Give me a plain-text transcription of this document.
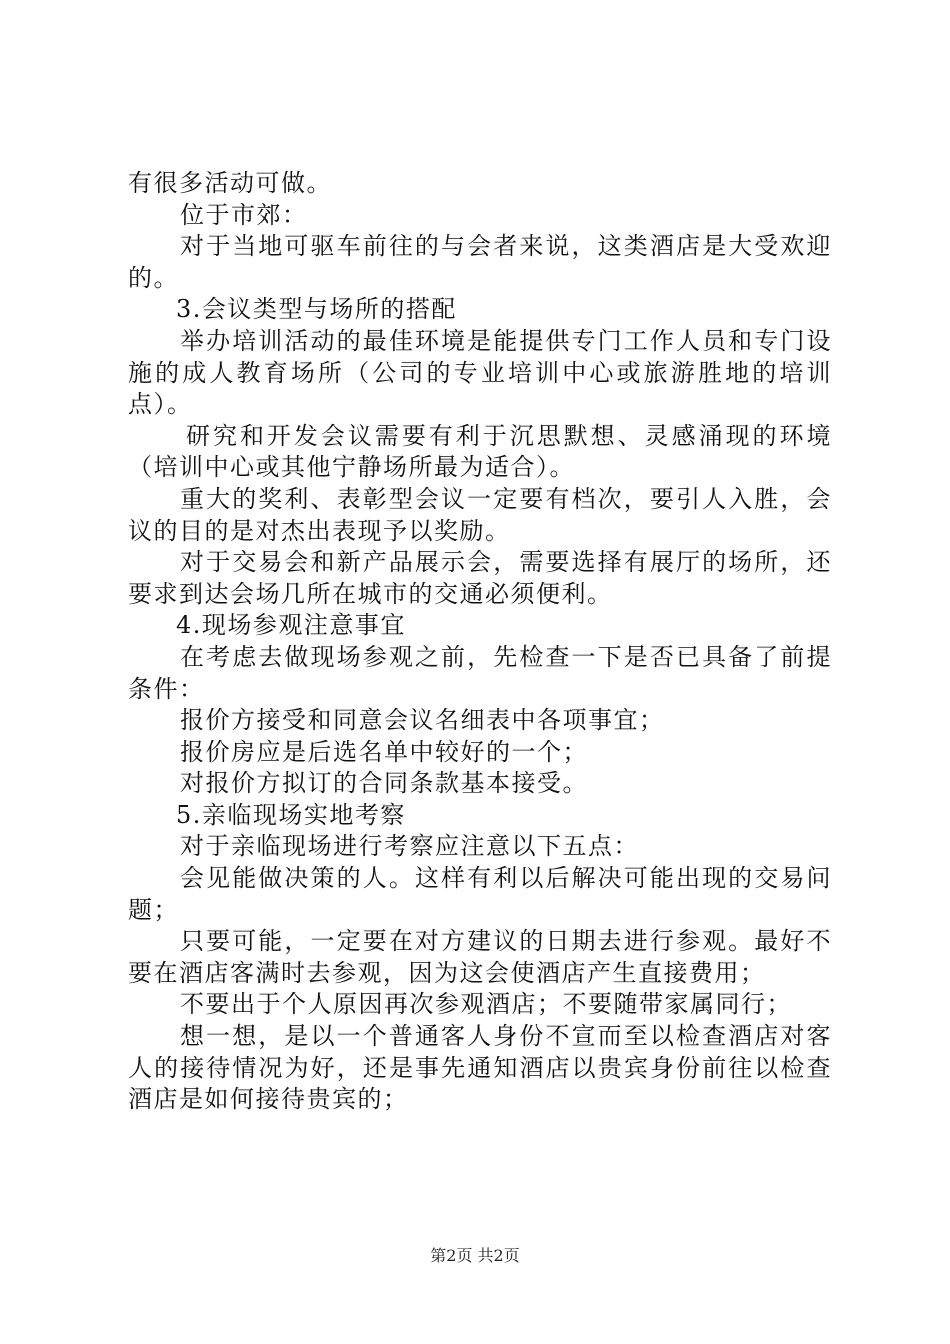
有很多活动可做。

位于市郊：

对于当地可驱车前往的与会者来说，这类酒店是大受欢迎的。

3.会议类型与场所的搭配

举办培训活动的最佳环境是能提供专门工作人员和专门设施的成人教育场所（公司的专业培训中心或旅游胜地的培训点）。

研究和开发会议需要有利于沉思默想、灵感涌现的环境（培训中心或其他宁静场所最为适合）。

重大的奖利、表彰型会议一定要有档次，要引人入胜，会议的目的是对杰出表现予以奖励。

对于交易会和新产品展示会，需要选择有展厅的场所，还要求到达会场几所在城市的交通必须便利。

4.现场参观注意事宜

在考虑去做现场参观之前，先检查一下是否已具备了前提条件：

报价方接受和同意会议名细表中各项事宜；

报价房应是后选名单中较好的一个；

对报价方拟订的合同条款基本接受。

5.亲临现场实地考察

对于亲临现场进行考察应注意以下五点：

会见能做决策的人。这样有利以后解决可能出现的交易问题；

只要可能，一定要在对方建议的日期去进行参观。最好不要在酒店客满时去参观，因为这会使酒店产生直接费用；

不要出于个人原因再次参观酒店；不要随带家属同行；

想一想，是以一个普通客人身份不宣而至以检查酒店对客人的接待情况为好，还是事先通知酒店以贵宾身份前往以检查酒店是如何接待贵宾的；

第2页 共2页
